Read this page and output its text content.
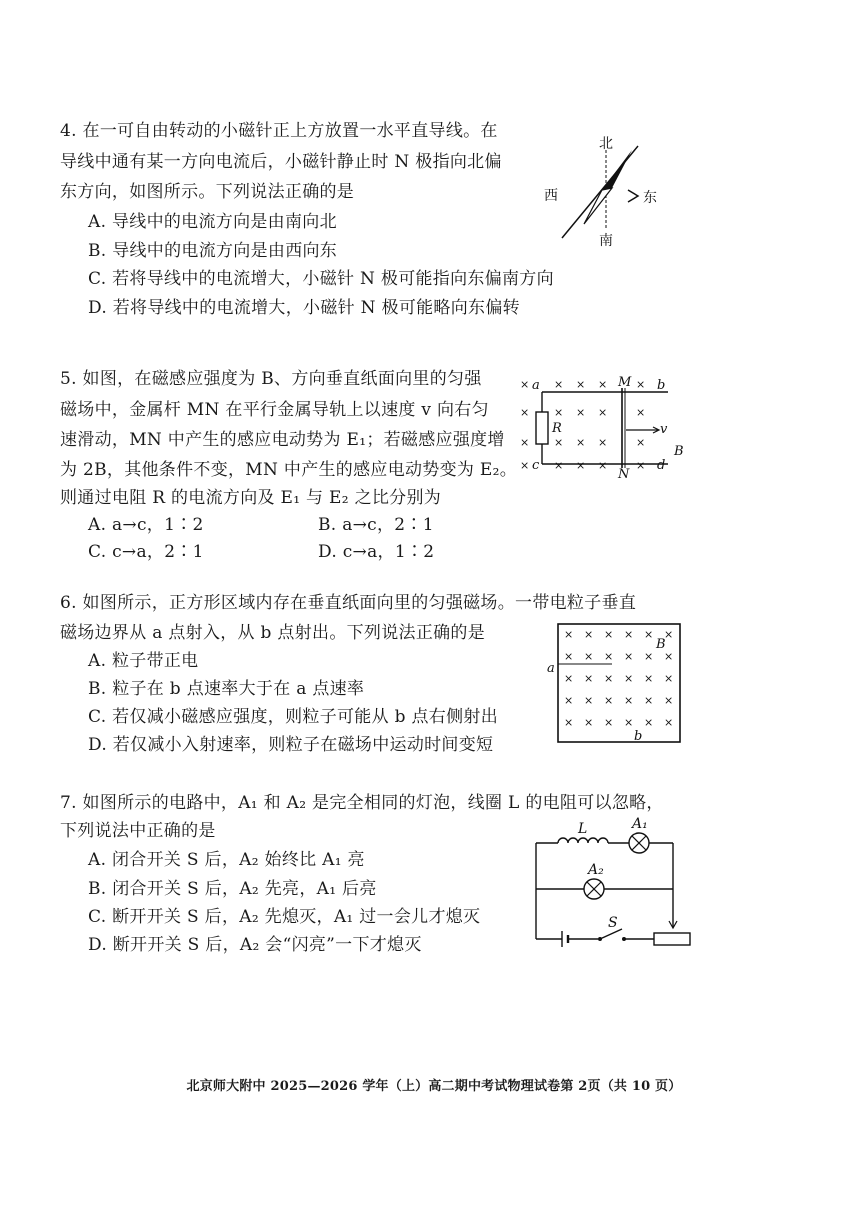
4. 在一可自由转动的小磁针正上方放置一水平直导线。在
导线中通有某一方向电流后，小磁针静止时 N 极指向北偏
东方向，如图所示。下列说法正确的是
A. 导线中的电流方向是由南向北
B. 导线中的电流方向是由西向东
C. 若将导线中的电流增大，小磁针 N 极可能指向东偏南方向
D. 若将导线中的电流增大，小磁针 N 极可能略向东偏转
北
西	东
南
5. 如图，在磁感应强度为 B、方向垂直纸面向里的匀强
磁场中，金属杆 MN 在平行金属导轨上以速度 v 向右匀
速滑动，MN 中产生的感应电动势为 E₁；若磁感应强度增
为 2B，其他条件不变，MN 中产生的感应电动势变为 E₂。
则通过电阻 R 的电流方向及 E₁ 与 E₂ 之比分别为
A. a→c，1∶2	B. a→c，2∶1
C. c→a，2∶1	D. c→a，1∶2
×
×
×
×
×
×
×
×
×
×
×
×
×
×
×
×
×
×
×
×
a
c
b
d
M
N
R	v
B
6. 如图所示，正方形区域内存在垂直纸面向里的匀强磁场。一带电粒子垂直
磁场边界从 a 点射入，从 b 点射出。下列说法正确的是
A. 粒子带正电
B. 粒子在 b 点速率大于在 a 点速率
C. 若仅减小磁感应强度，则粒子可能从 b 点右侧射出
D. 若仅减小入射速率，则粒子在磁场中运动时间变短
×
×
×
×
×
×
×
×
×
×
×
×
×
×
×
×
×
×
×
×
×
×
×
×
×
×
×
×
×
×
a
b
B
7. 如图所示的电路中，A₁ 和 A₂ 是完全相同的灯泡，线圈 L 的电阻可以忽略，
下列说法中正确的是
A. 闭合开关 S 后，A₂ 始终比 A₁ 亮
B. 闭合开关 S 后，A₂ 先亮，A₁ 后亮
C. 断开开关 S 后，A₂ 先熄灭，A₁ 过一会儿才熄灭
D. 断开开关 S 后，A₂ 会“闪亮”一下才熄灭
L	A₁
A₂
S
北京师大附中 2025—2026 学年（上）高二期中考试物理试卷第 2页（共 10 页）
